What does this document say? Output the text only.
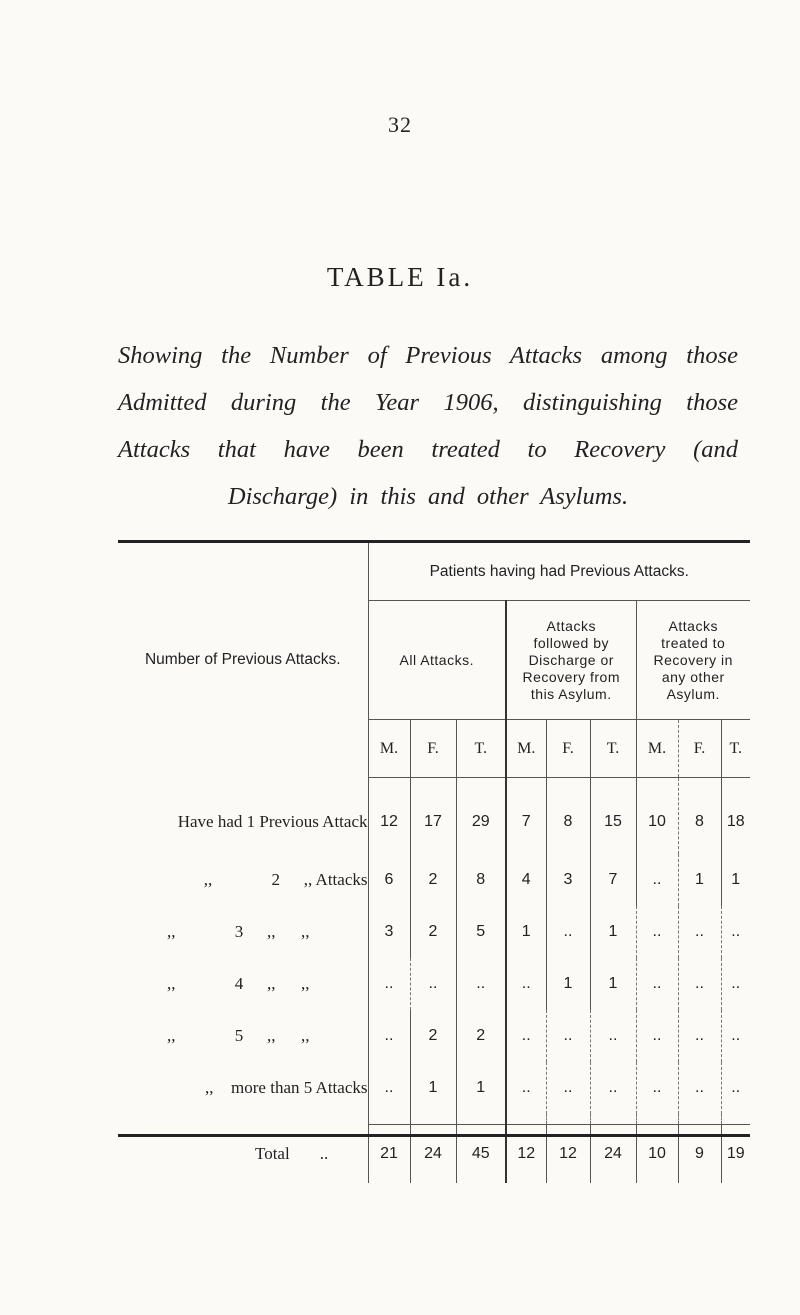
32
TABLE Ia.
Showing the Number of Previous Attacks among those Admitted during the Year 1906, distinguishing those Attacks that have been treated to Recovery (and Discharge) in this and other Asylums.
Number of Previous Attacks.	Patients having had Previous Attacks.								
	All Attacks.			Attacks followed by Discharge or Recovery from this Asylum.			Attacks treated to Recovery in any other Asylum.		
	M.	F.	T.	M.	F.	T.	M.	F.	T.
Have had 1 Previous Attack	12	17	29	7	8	15	10	8	18
,, 2 ,, Attacks	6	2	8	4	3	7	..	1	1
,, 3 ,,      ,,	3	2	5	1	..	1	..	..	..
,, 4 ,,      ,,	..	..	..	..	1	1	..	..	..
,, 5 ,,      ,,	..	2	2	..	..	..	..	..	..
,, more than 5 Attacks	..	1	1	..	..	..	..	..	..

Total ..	21	24	45	12	12	24	10	9	19
